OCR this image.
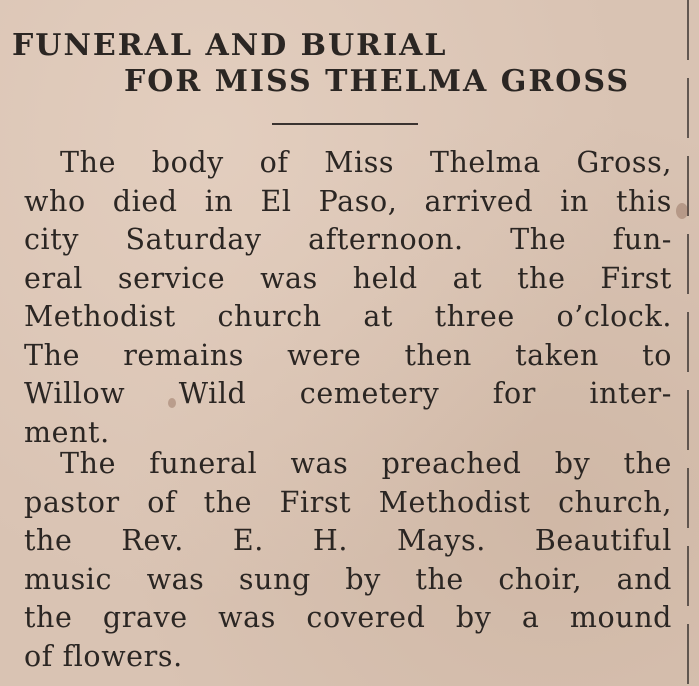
FUNERAL AND BURIAL
FOR MISS THELMA GROSS
The body of Miss Thelma Gross,
who died in El Paso, arrived in this
city Saturday afternoon. The fun-
eral service was held at the First
Methodist church at three o’clock.
The remains were then taken to
Willow Wild cemetery for inter-
ment.
The funeral was preached by the
pastor of the First Methodist church,
the Rev. E. H. Mays. Beautiful
music was sung by the choir, and
the grave was covered by a mound
of flowers.
